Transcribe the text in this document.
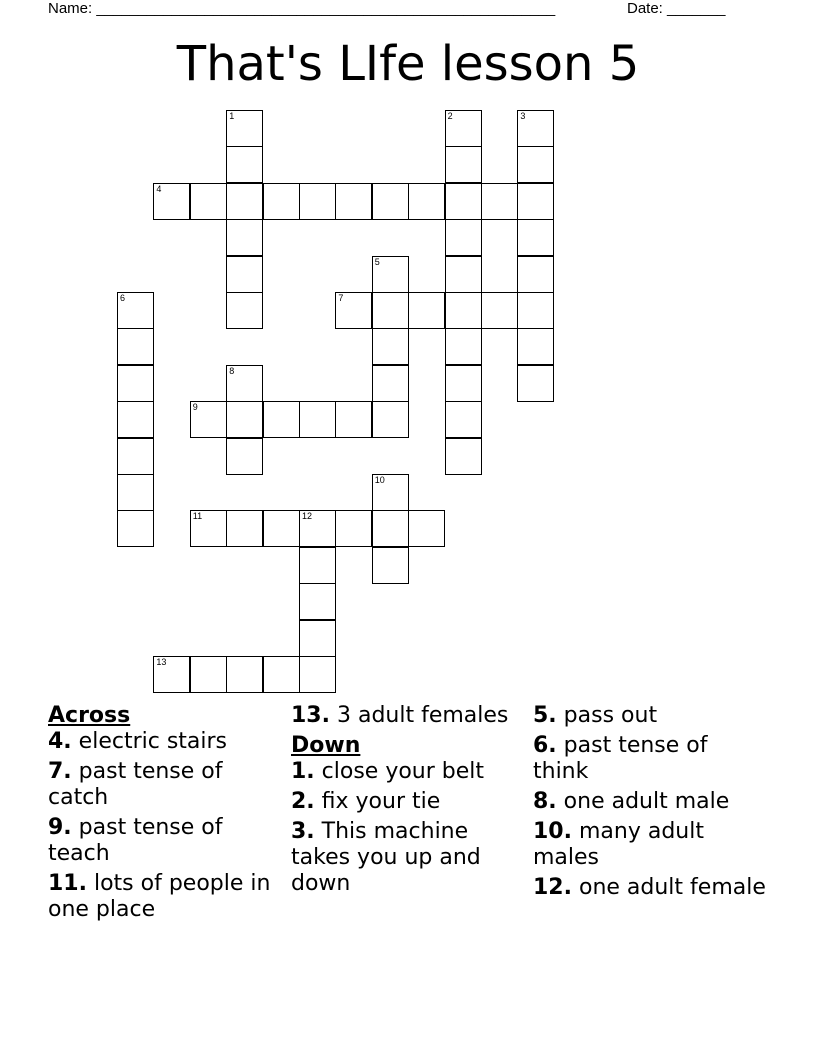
Name: _______________________________________________________	Date: _______
That's LIfe lesson 5
1	2	3
4
5
6	7
8
9
10
11	12
13
Across
4. electric stairs
7. past tense of catch
9. past tense of teach
11. lots of people in one place
13. 3 adult females
Down
1. close your belt
2. fix your tie
3. This machine takes you up and down
5. pass out
6. past tense of think
8. one adult male
10. many adult males
12. one adult female
